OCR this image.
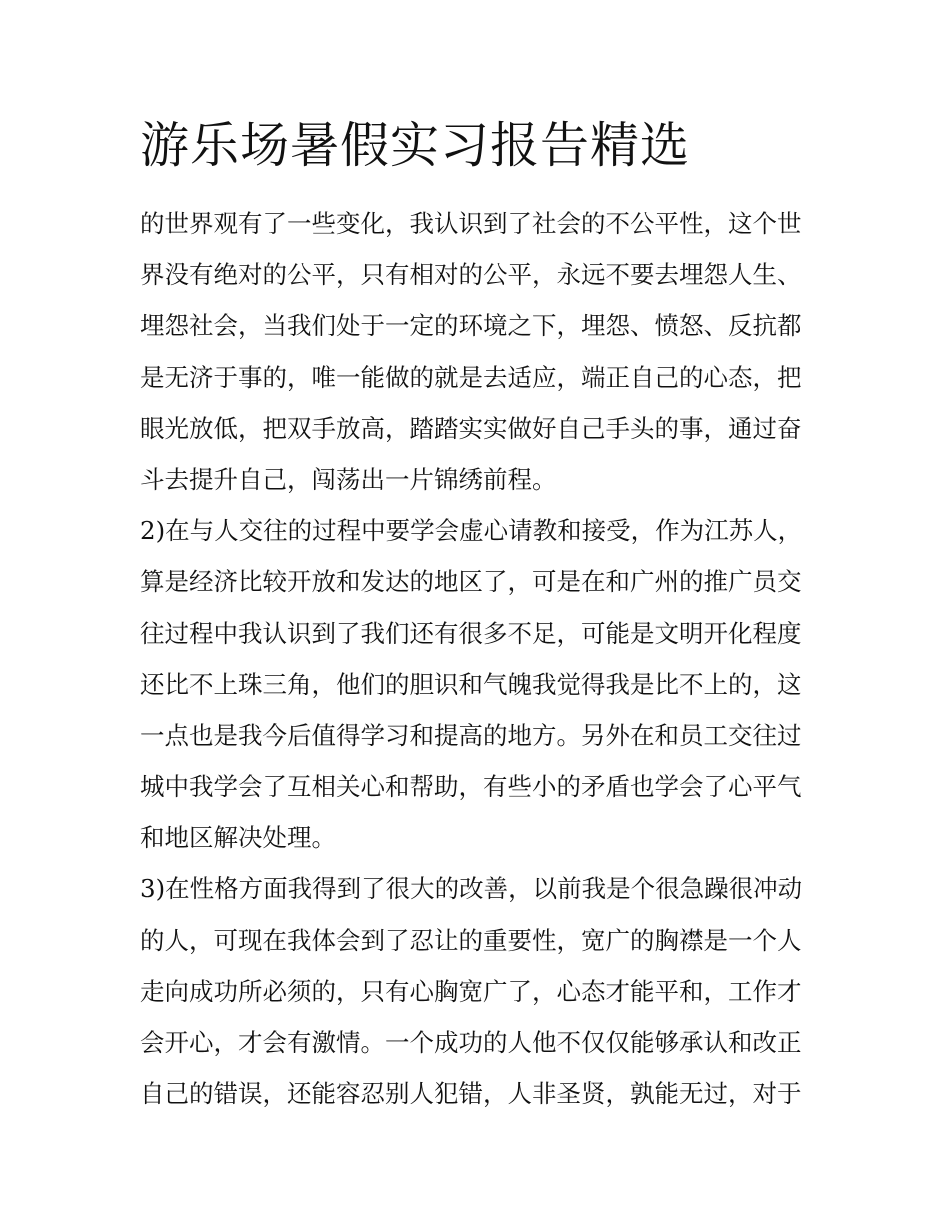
游乐场暑假实习报告精选
的世界观有了一些变化，我认识到了社会的不公平性，这个世
界没有绝对的公平，只有相对的公平，永远不要去埋怨人生、
埋怨社会，当我们处于一定的环境之下，埋怨、愤怒、反抗都
是无济于事的，唯一能做的就是去适应，端正自己的心态，把
眼光放低，把双手放高，踏踏实实做好自己手头的事，通过奋
斗去提升自己，闯荡出一片锦绣前程。
2)在与人交往的过程中要学会虚心请教和接受，作为江苏人，
算是经济比较开放和发达的地区了，可是在和广州的推广员交
往过程中我认识到了我们还有很多不足，可能是文明开化程度
还比不上珠三角，他们的胆识和气魄我觉得我是比不上的，这
一点也是我今后值得学习和提高的地方。另外在和员工交往过
城中我学会了互相关心和帮助，有些小的矛盾也学会了心平气
和地区解决处理。
3)在性格方面我得到了很大的改善，以前我是个很急躁很冲动
的人，可现在我体会到了忍让的重要性，宽广的胸襟是一个人
走向成功所必须的，只有心胸宽广了，心态才能平和，工作才
会开心，才会有激情。一个成功的人他不仅仅能够承认和改正
自己的错误，还能容忍别人犯错，人非圣贤，孰能无过，对于
